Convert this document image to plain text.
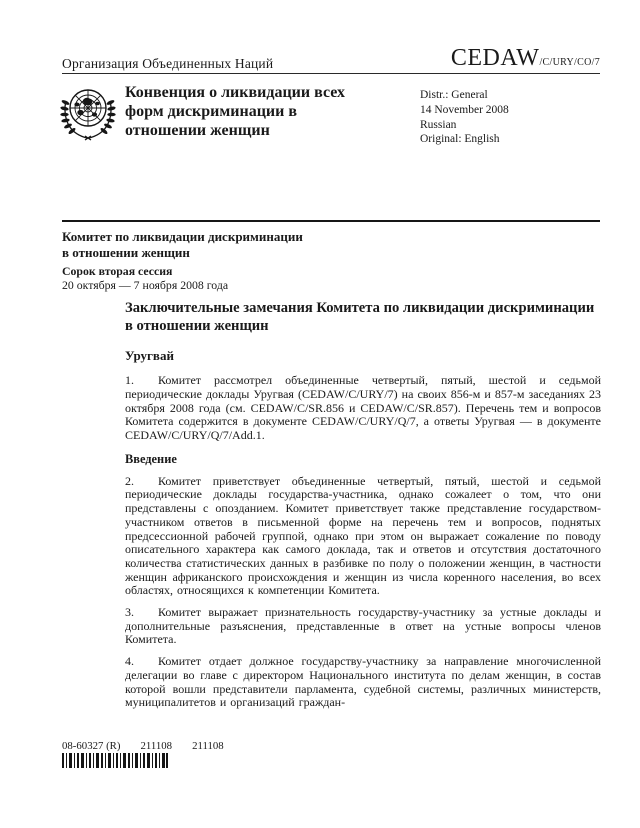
Организация Объединенных Наций	CEDAW/C/URY/CO/7
Конвенция о ликвидации всех форм дискриминации в отношении женщин
Distr.: General
14 November 2008
Russian
Original: English
Комитет по ликвидации дискриминации
в отношении женщин
Сорок вторая сессия
20 октября — 7 ноября 2008 года
Заключительные замечания Комитета по ликвидации дискриминации в отношении женщин
Уругвай

1. Комитет рассмотрел объединенные четвертый, пятый, шестой и седьмой периодические доклады Уругвая (CEDAW/C/URY/7) на своих 856-м и 857-м заседаниях 23 октября 2008 года (см. CEDAW/C/SR.856 и CEDAW/C/SR.857). Перечень тем и вопросов Комитета содержится в документе CEDAW/C/URY/Q/7, а ответы Уругвая — в документе CEDAW/C/URY/Q/7/Add.1.

Введение

2. Комитет приветствует объединенные четвертый, пятый, шестой и седьмой периодические доклады государства-участника, однако сожалеет о том, что они представлены с опозданием. Комитет приветствует также представление государством-участником ответов в письменной форме на перечень тем и вопросов, поднятых предсессионной рабочей группой, однако при этом он выражает сожаление по поводу описательного характера как самого доклада, так и ответов и отсутствия достаточного количества статистических данных в разбивке по полу о положении женщин, в частности женщин африканского происхождения и женщин из числа коренного населения, во всех областях, относящихся к компетенции Комитета.

3. Комитет выражает признательность государству-участнику за устные доклады и дополнительные разъяснения, представленные в ответ на устные вопросы членов Комитета.

4. Комитет отдает должное государству-участнику за направление многочисленной делегации во главе с директором Национального института по делам женщин, в состав которой вошли представители парламента, судебной системы, различных министерств, муниципалитетов и организаций граждан-

08-60327 (R) 211108 211108
